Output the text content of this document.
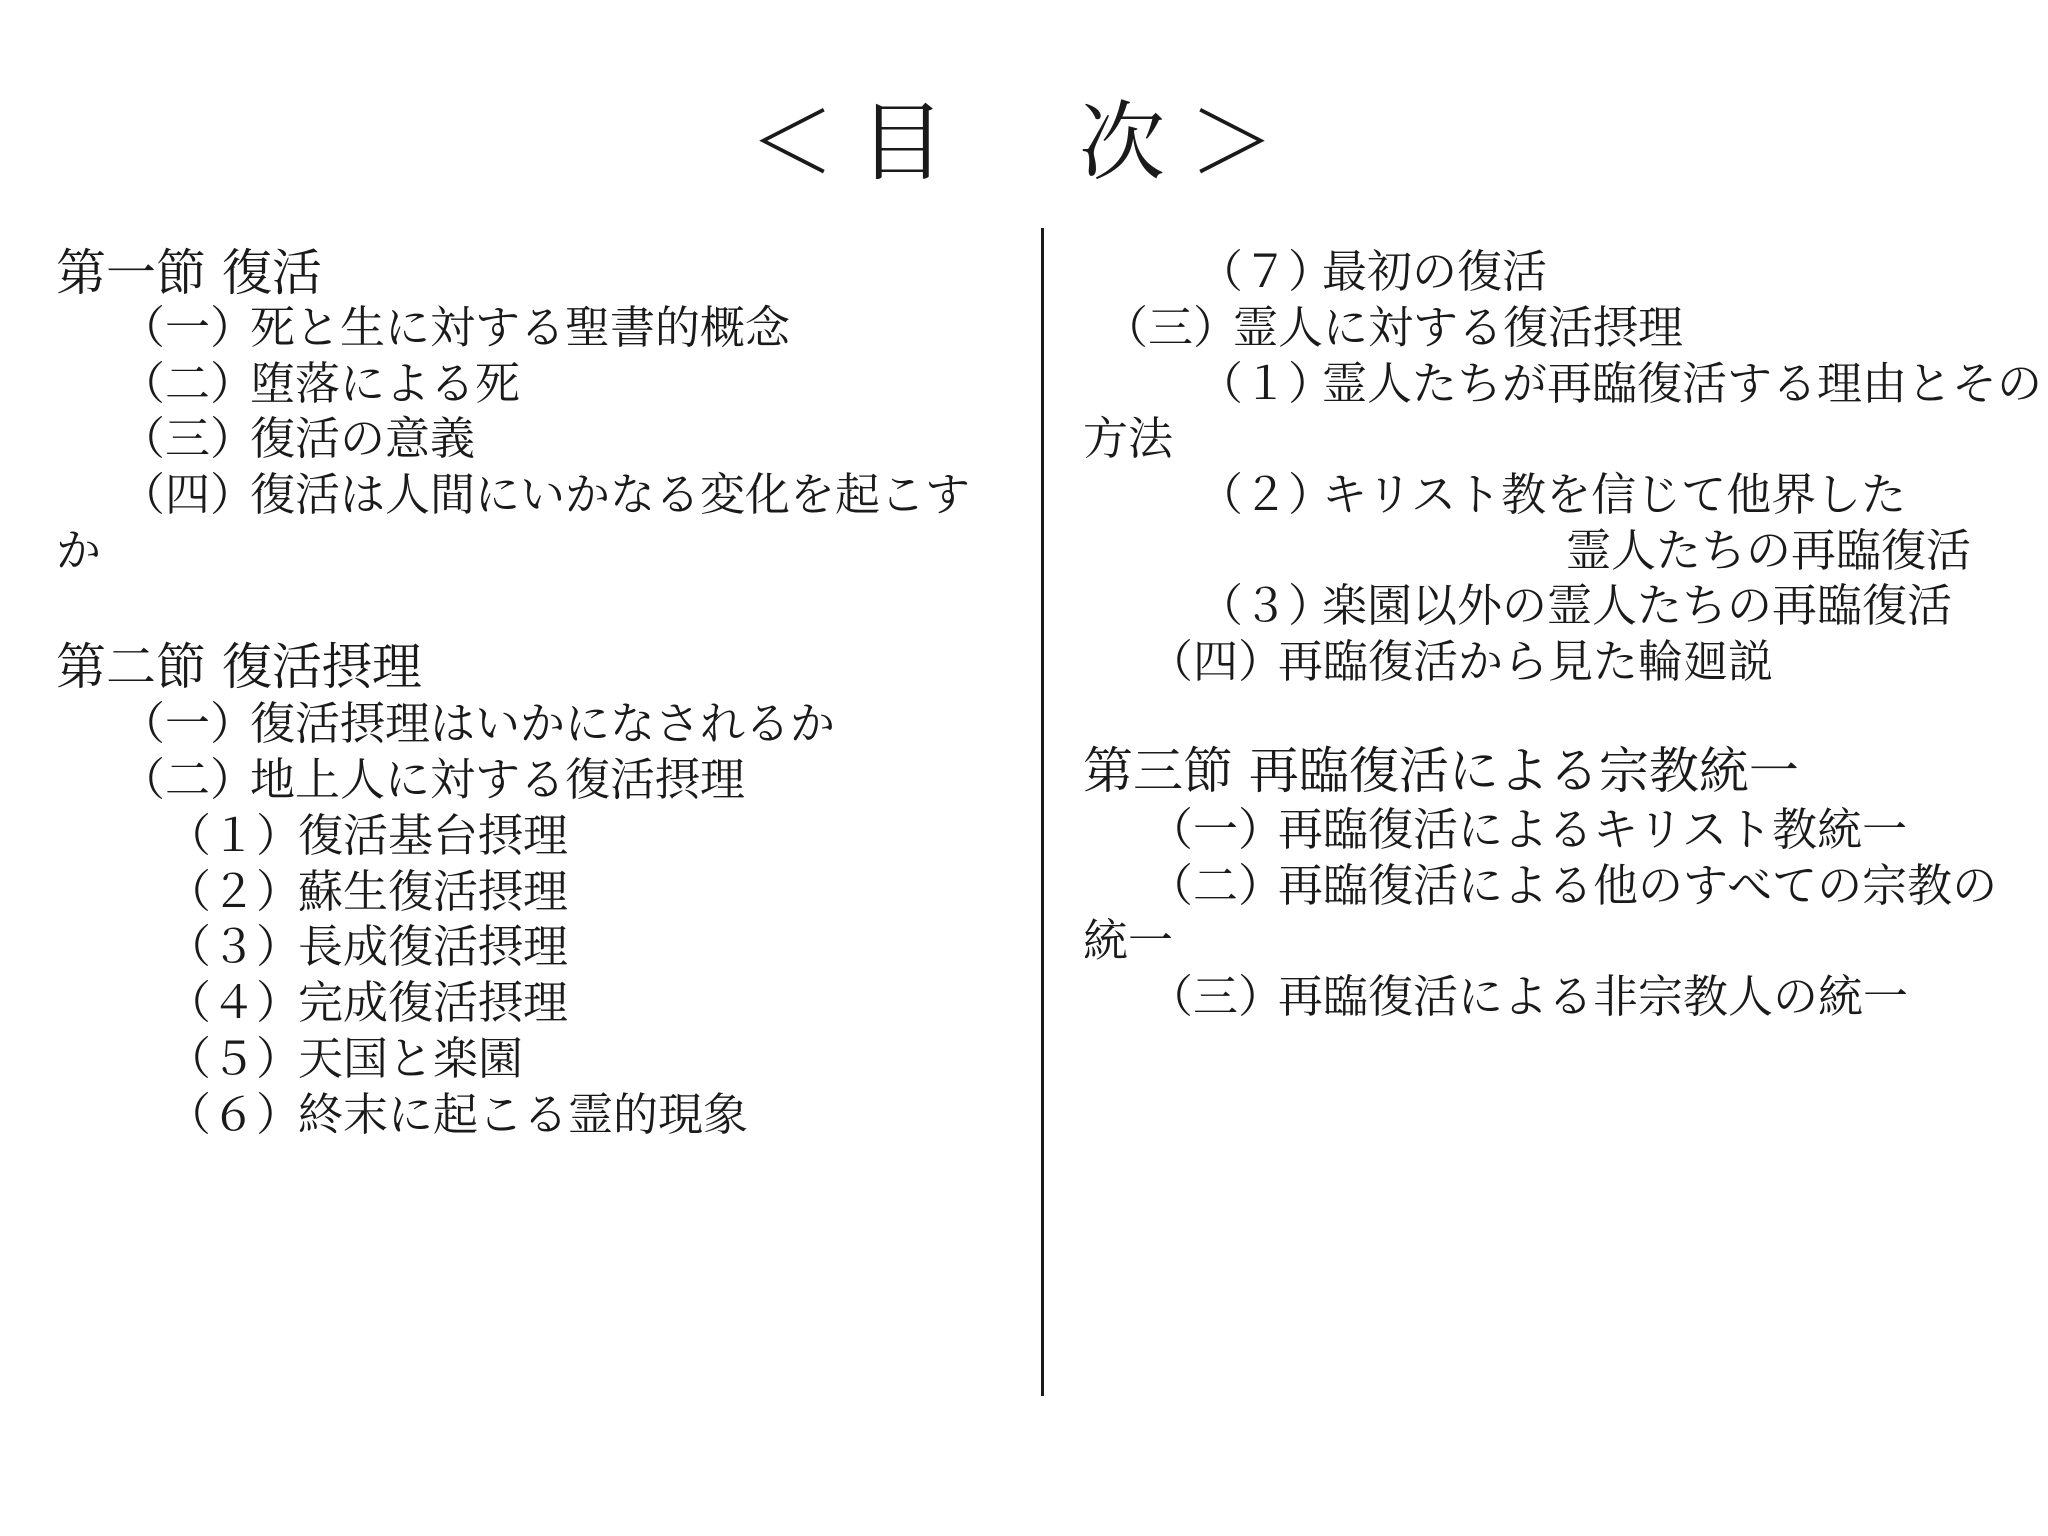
＜目　次＞
第一節 復活
（一）死と生に対する聖書的概念
（二）堕落による死
（三）復活の意義
（四）復活は人間にいかなる変化を起こす
か
第二節 復活摂理
（一）復活摂理はいかになされるか
（二）地上人に対する復活摂理
（１）復活基台摂理
（２）蘇生復活摂理
（３）長成復活摂理
（４）完成復活摂理
（５）天国と楽園
（６）終末に起こる霊的現象
（７）最初の復活
（三）霊人に対する復活摂理
（１）霊人たちが再臨復活する理由とその
方法
（２）キリスト教を信じて他界した
霊人たちの再臨復活
（３）楽園以外の霊人たちの再臨復活
（四）再臨復活から見た輪廻説
第三節 再臨復活による宗教統一
（一）再臨復活によるキリスト教統一
（二）再臨復活による他のすべての宗教の
統一
（三）再臨復活による非宗教人の統一
